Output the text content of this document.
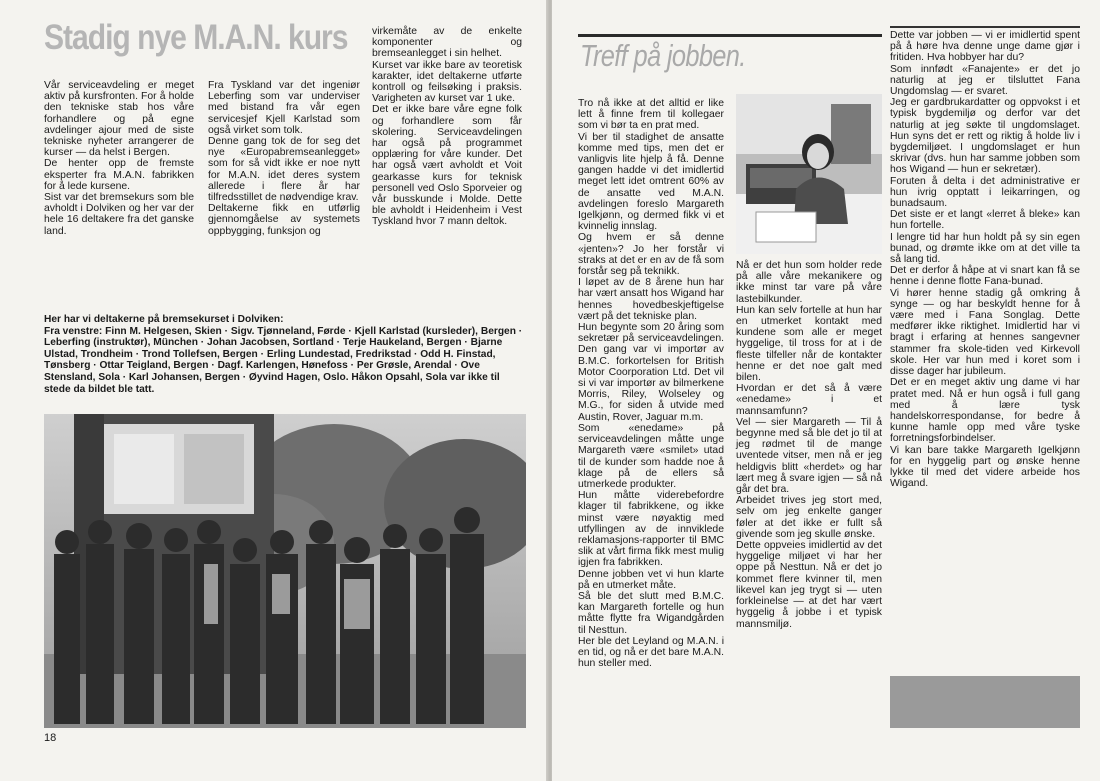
Stadig nye M.A.N. kurs
Vår serviceavdeling er meget aktiv på kursfronten. For å holde den tekniske stab hos våre forhandlere og på egne avdelinger ajour med de siste tekniske nyheter arrangerer de kurser — da helst i Bergen.
De henter opp de fremste eksperter fra M.A.N. fabrikken for å lede kursene.
Sist var det bremsekurs som ble avholdt i Dolviken og her var der hele 16 deltakere fra det ganske land.
Fra Tyskland var det ingeniør Leberfing som var underviser med bistand fra vår egen servicesjef Kjell Karlstad som også virket som tolk.
Denne gang tok de for seg det nye «Europabremseanlegget» som for så vidt ikke er noe nytt for M.A.N. idet deres system allerede i flere år har tilfredsstillet de nødvendige krav.
Deltakerne fikk en utførlig gjennomgåelse av systemets oppbygging, funksjon og
virkemåte av de enkelte komponenter og bremseanlegget i sin helhet.
Kurset var ikke bare av teoretisk karakter, idet deltakerne utførte kontroll og feilsøking i praksis. Varigheten av kurset var 1 uke.
Det er ikke bare våre egne folk og forhandlere som får skolering. Serviceavdelingen har også på programmet opplæring for våre kunder. Det har også vært avholdt et Voit gearkasse kurs for teknisk personell ved Oslo Sporveier og vår busskunde i Molde. Dette ble avholdt i Heidenheim i Vest Tyskland hvor 7 mann deltok.

Her har vi deltakerne på bremsekurset i Dolviken:

Fra venstre: Finn M. Helgesen, Skien · Sigv. Tjønneland, Førde · Kjell Karlstad (kursleder), Bergen · Leberfing (instruktør), München · Johan Jacobsen, Sortland · Terje Haukeland, Bergen · Bjarne Ulstad, Trondheim · Trond Tollefsen, Bergen · Erling Lundestad, Fredrikstad · Odd H. Finstad, Tønsberg · Ottar Teigland, Bergen · Dagf. Karlengen, Hønefoss · Per Grøsle, Arendal · Ove Stensland, Sola · Karl Johansen, Bergen · Øyvind Hagen, Oslo. Håkon Opsahl, Sola var ikke til stede da bildet ble tatt.

18
Treff på jobben.
Tro nå ikke at det alltid er like lett å finne frem til kollegaer som vi bør ta en prat med.
Vi ber til stadighet de ansatte komme med tips, men det er vanligvis lite hjelp å få. Denne gangen hadde vi det imidlertid meget lett idet omtrent 60% av de ansatte ved M.A.N. avdelingen foreslo Margareth Igelkjønn, og dermed fikk vi et kvinnelig innslag.
Og hvem er så denne «jenten»? Jo her forstår vi straks at det er en av de få som forstår seg på teknikk.
I løpet av de 8 årene hun har har vært ansatt hos Wigand har hennes hovedbeskjeftigelse vært på det tekniske plan.
Hun begynte som 20 åring som sekretær på serviceavdelingen. Den gang var vi importør av B.M.C. forkortelsen for British Motor Coorporation Ltd. Det vil si vi var importør av bilmerkene Morris, Riley, Wolseley og M.G., for siden å utvide med Austin, Rover, Jaguar m.m.
Som «enedame» på serviceavdelingen måtte unge Margareth være «smilet» utad til de kunder som hadde noe å klage på de ellers så utmerkede produkter.
Hun måtte viderebefordre klager til fabrikkene, og ikke minst være nøyaktig med utfyllingen av de innviklede reklamasjons-rapporter til BMC slik at vårt firma fikk mest mulig igjen fra fabrikken.
Denne jobben vet vi hun klarte på en utmerket måte.
Så ble det slutt med B.M.C. kan Margareth fortelle og hun måtte flytte fra Wigandgården til Nesttun.
Her ble det Leyland og M.A.N. i en tid, og nå er det bare M.A.N. hun steller med.
Nå er det hun som holder rede på alle våre mekanikere og ikke minst tar vare på våre lastebilkunder.
Hun kan selv fortelle at hun har en utmerket kontakt med kundene som alle er meget hyggelige, til tross for at i de fleste tilfeller når de kontakter henne er det noe galt med bilen.
Hvordan er det så å være «enedame» i et mannsamfunn?
Vel — sier Margareth — Til å begynne med så ble det jo til at jeg rødmet til de mange uventede vitser, men nå er jeg heldigvis blitt «herdet» og har lært meg å svare igjen — så nå går det bra.
Arbeidet trives jeg stort med, selv om jeg enkelte ganger føler at det ikke er fullt så givende som jeg skulle ønske.
Dette oppveies imidlertid av det hyggelige miljøet vi har her oppe på Nesttun. Nå er det jo kommet flere kvinner til, men likevel kan jeg trygt si — uten forkleinelse — at det har vært hyggelig å jobbe i et typisk mannsmiljø.
Dette var jobben — vi er imidlertid spent på å høre hva denne unge dame gjør i fritiden. Hva hobbyer har du?
Som innfødt «Fanajente» er det jo naturlig at jeg er tilsluttet Fana Ungdomslag — er svaret.
Jeg er gardbrukardatter og oppvokst i et typisk bygdemiljø og derfor var det naturlig at jeg søkte til ungdomslaget. Hun syns det er rett og riktig å holde liv i bygdemiljøet. I ungdomslaget er hun skrivar (dvs. hun har samme jobben som hos Wigand — hun er sekretær).
Foruten å delta i det administrative er hun ivrig opptatt i leikarringen, og bunadsaum.
Det siste er et langt «lerret å bleke» kan hun fortelle.
I lengre tid har hun holdt på sy sin egen bunad, og drømte ikke om at det ville ta så lang tid.
Det er derfor å håpe at vi snart kan få se henne i denne flotte Fana-bunad.
Vi hører henne stadig gå omkring å synge — og har beskyldt henne for å være med i Fana Songlag. Dette medfører ikke riktighet. Imidlertid har vi bragt i erfaring at hennes sangevner stammer fra skole-tiden ved Kirkevoll skole. Her var hun med i koret som i disse dager har jubileum.
Det er en meget aktiv ung dame vi har pratet med. Nå er hun også i full gang med å lære tysk handelskorrespondanse, for bedre å kunne hamle opp med våre tyske forretningsforbindelser.
Vi kan bare takke Margareth Igelkjønn for en hyggelig part og ønske henne lykke til med det videre arbeide hos Wigand.
